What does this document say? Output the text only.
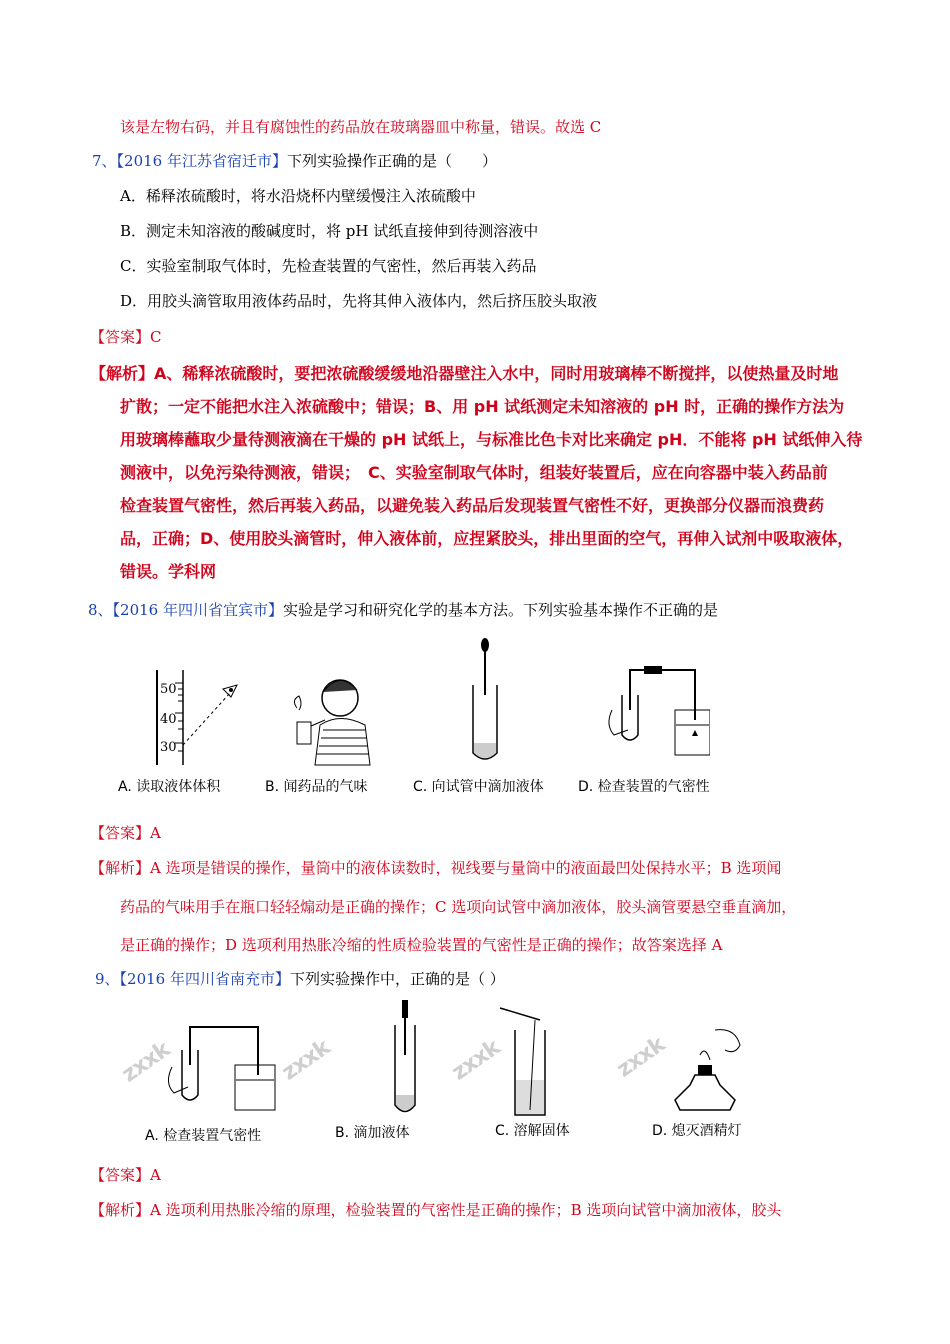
该是左物右码，并且有腐蚀性的药品放在玻璃器皿中称量，错误。故选 C
7、【2016 年江苏省宿迁市】下列实验操作正确的是（　　）
A．稀释浓硫酸时，将水沿烧杯内壁缓慢注入浓硫酸中
B．测定未知溶液的酸碱度时，将 pH 试纸直接伸到待测溶液中
C．实验室制取气体时，先检查装置的气密性，然后再装入药品
D．用胶头滴管取用液体药品时，先将其伸入液体内，然后挤压胶头取液
【答案】C
【解析】A、稀释浓硫酸时，要把浓硫酸缓缓地沿器壁注入水中，同时用玻璃棒不断搅拌，以使热量及时地
扩散；一定不能把水注入浓硫酸中；错误；B、用 pH 试纸测定未知溶液的 pH 时，正确的操作方法为
用玻璃棒蘸取少量待测液滴在干燥的 pH 试纸上，与标准比色卡对比来确定 pH．不能将 pH 试纸伸入待
测液中，以免污染待测液，错误；　C、实验室制取气体时，组装好装置后，应在向容器中装入药品前
检查装置气密性，然后再装入药品，以避免装入药品后发现装置气密性不好，更换部分仪器而浪费药
品，正确；D、使用胶头滴管时，伸入液体前，应捏紧胶头，排出里面的空气，再伸入试剂中吸取液体，
错误。学科网
8、【2016 年四川省宜宾市】实验是学习和研究化学的基本方法。下列实验基本操作不正确的是
50
40
30
A. 读取液体体积	B. 闻药品的气味	C. 向试管中滴加液体 D. 检查装置的气密性
【答案】A
【解析】A 选项是错误的操作，量筒中的液体读数时，视线要与量筒中的液面最凹处保持水平；B 选项闻
药品的气味用手在瓶口轻轻煽动是正确的操作；C 选项向试管中滴加液体，胶头滴管要悬空垂直滴加，
是正确的操作；D 选项利用热胀冷缩的性质检验装置的气密性是正确的操作；故答案选择 A
9、【2016 年四川省南充市】下列实验操作中，正确的是（ ）
zxxk	zxxk	zxxk	zxxk
A. 检查装置气密性	B. 滴加液体	C. 溶解固体	D. 熄灭酒精灯
【答案】A
【解析】A 选项利用热胀冷缩的原理，检验装置的气密性是正确的操作；B 选项向试管中滴加液体，胶头
